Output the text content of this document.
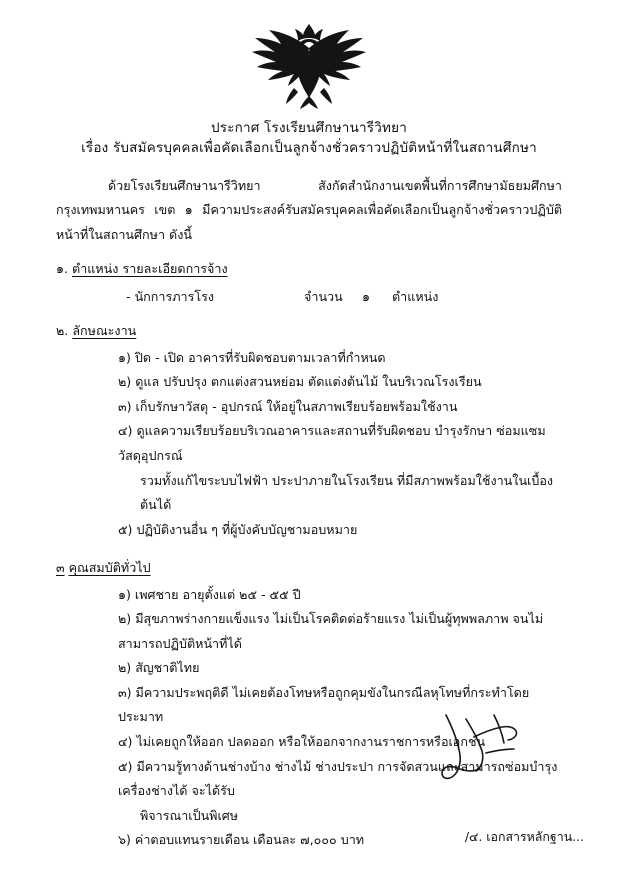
ประกาศ โรงเรียนศึกษานารีวิทยา
เรื่อง รับสมัครบุคคลเพื่อคัดเลือกเป็นลูกจ้างชั่วคราวปฏิบัติหน้าที่ในสถานศึกษา
ด้วยโรงเรียนศึกษานารีวิทยา สังกัดสำนักงานเขตพื้นที่การศึกษามัธยมศึกษากรุงเทพมหานคร เขต ๑ มีความประสงค์รับสมัครบุคคลเพื่อคัดเลือกเป็นลูกจ้างชั่วคราวปฏิบัติหน้าที่ในสถานศึกษา ดังนี้
๑. ตำแหน่ง รายละเอียดการจ้าง
- นักการภารโรง	จำนวน	๑	ตำแหน่ง
๒. ลักษณะงาน
๑) ปิด - เปิด อาคารที่รับผิดชอบตามเวลาที่กำหนด
๒) ดูแล ปรับปรุง ตกแต่งสวนหย่อม ตัดแต่งต้นไม้ ในบริเวณโรงเรียน
๓) เก็บรักษาวัสดุ - อุปกรณ์ ให้อยู่ในสภาพเรียบร้อยพร้อมใช้งาน
๔) ดูแลความเรียบร้อยบริเวณอาคารและสถานที่รับผิดชอบ บำรุงรักษา ซ่อมแซมวัสดุอุปกรณ์
รวมทั้งแก้ไขระบบไฟฟ้า ประปาภายในโรงเรียน ที่มีสภาพพร้อมใช้งานในเบื้องต้นได้
๕) ปฏิบัติงานอื่น ๆ ที่ผู้บังคับบัญชามอบหมาย
๓ คุณสมบัติทั่วไป
๑) เพศชาย อายุตั้งแต่ ๒๕ - ๕๕ ปี
๒) มีสุขภาพร่างกายแข็งแรง ไม่เป็นโรคติดต่อร้ายแรง ไม่เป็นผู้ทุพพลภาพ จนไม่สามารถปฏิบัติหน้าที่ได้
๒) สัญชาติไทย
๓) มีความประพฤติดี ไม่เคยต้องโทษหรือถูกคุมขังในกรณีลหุโทษที่กระทำโดยประมาท
๔) ไม่เคยถูกให้ออก ปลดออก หรือให้ออกจากงานราชการหรือเอกชน
๕) มีความรู้ทางด้านช่างบ้าง ช่างไม้ ช่างประปา การจัดสวนและสามารถซ่อมบำรุงเครื่องช่างได้ จะได้รับ
พิจารณาเป็นพิเศษ
๖) ค่าตอบแทนรายเดือน เดือนละ ๗,๐๐๐ บาท	/๔. เอกสารหลักฐาน...
